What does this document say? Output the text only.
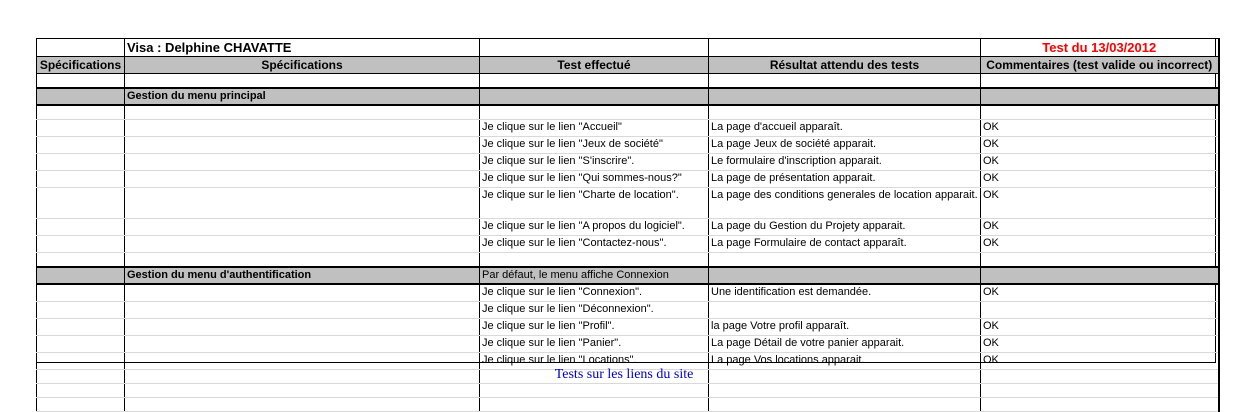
	Visa : Delphine CHAVATTE			Test du 13/03/2012
Spécifications	Spécifications	Test effectué	Résultat attendu des tests	Commentaires (test valide ou incorrect)

	Gestion du menu principal			

		Je clique sur le lien "Accueil"	La page d'accueil apparaît.	OK
		Je clique sur le lien "Jeux de société"	La page Jeux de société apparait.	OK
		Je clique sur le lien "S'inscrire".	Le formulaire d'inscription apparait.	OK
		Je clique sur le lien "Qui sommes-nous?"	La page de présentation apparait.	OK
		Je clique sur le lien "Charte de location".	La page des conditions generales de location apparait.	OK
		Je clique sur le lien "A propos du logiciel".	La page du Gestion du Projety apparait.	OK
		Je clique sur le lien "Contactez-nous".	La page Formulaire de contact apparaît.	OK

	Gestion du menu d'authentification	Par défaut, le menu affiche Connexion		
		Je clique sur le lien "Connexion".	Une identification est demandée.	OK
		Je clique sur le lien "Déconnexion".		
		Je clique sur le lien "Profil".	la page Votre profil apparaît.	OK
		Je clique sur le lien "Panier".	La page Détail de votre panier apparait.	OK
		Je clique sur le lien "Locations".	La page Vos locations apparait.	OK

Tests sur les liens du site
